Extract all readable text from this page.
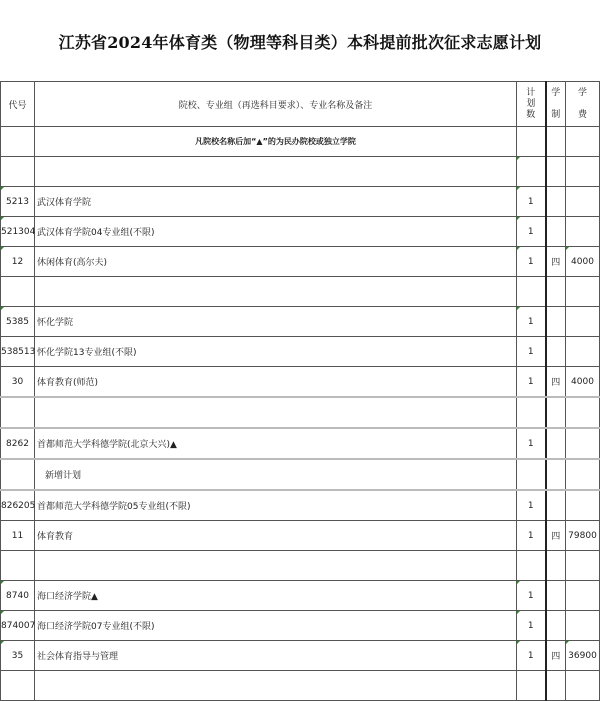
江苏省2024年体育类（物理等科目类）本科提前批次征求志愿计划
代号	院校、专业组（再选科目要求）、专业名称及备注	计划数	学制	学费
	凡院校名称后加“▲”的为民办院校或独立学院			

5213	武汉体育学院	1

521304	武汉体育学院04专业组(不限)	1

12	休闲体育(高尔夫)	1	四	4000

5385	怀化学院	1

538513	怀化学院13专业组(不限)	1		
30	体育教育(师范)	1	四	4000

8262	首都师范大学科德学院(北京大兴)▲	1		
	新增计划			
826205	首都师范大学科德学院05专业组(不限)	1		
11	体育教育	1	四	79800

8740	海口经济学院▲	1

874007	海口经济学院07专业组(不限)	1

35	社会体育指导与管理	1	四	36900
